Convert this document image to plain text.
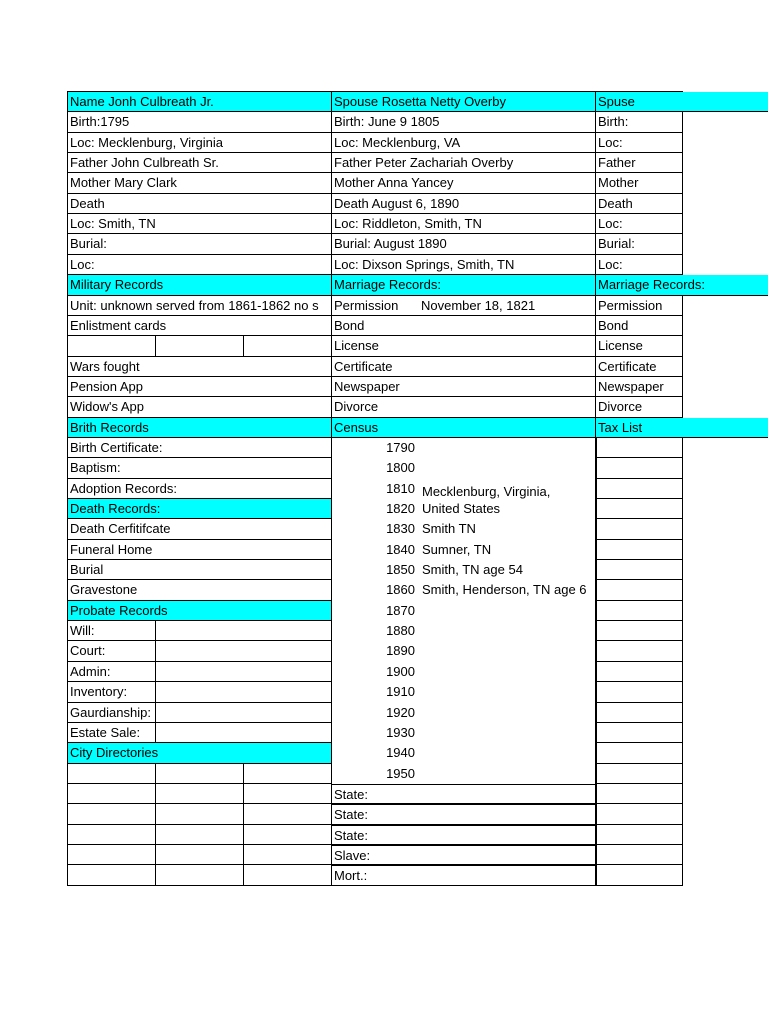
Name Jonh Culbreath Jr.
Birth:1795
Loc: Mecklenburg, Virginia
Father John Culbreath Sr.
Mother Mary Clark
Death
Loc: Smith, TN
Burial:
Loc:
Military Records
Unit: unknown served from 1861-1862 no s
Enlistment cards
Wars fought
Pension App
Widow's App
Brith Records
Birth Certificate:
Baptism:
Adoption Records:
Death Records:
Death Cerfitifcate
Funeral Home
Burial
Gravestone
Probate Records
Will:
Court:
Admin:
Inventory:
Gaurdianship:
Estate Sale:
City Directories
Spouse Rosetta Netty Overby
Birth: June 9 1805
Loc: Mecklenburg, VA
Father Peter Zachariah Overby
Mother Anna Yancey
Death August 6, 1890
Loc: Riddleton, Smith, TN
Burial: August 1890
Loc: Dixson Springs, Smith, TN
Marriage Records:
Permission	November 18, 1821
Bond
License
Certificate
Newspaper
Divorce
Census
1790
1800
1810 Mecklenburg, Virginia,
1820 United States
1830 Smith TN
1840 Sumner, TN
1850 Smith, TN age 54
1860 Smith, Henderson, TN age 6
1870
1880
1890
1900
1910
1920
1930
1940
1950
State:
State:
State:
Slave:
Mort.:
Spuse
Birth:
Loc:
Father
Mother
Death
Loc:
Burial:
Loc:
Marriage Records:
Permission
Bond
License
Certificate
Newspaper
Divorce
Tax List
